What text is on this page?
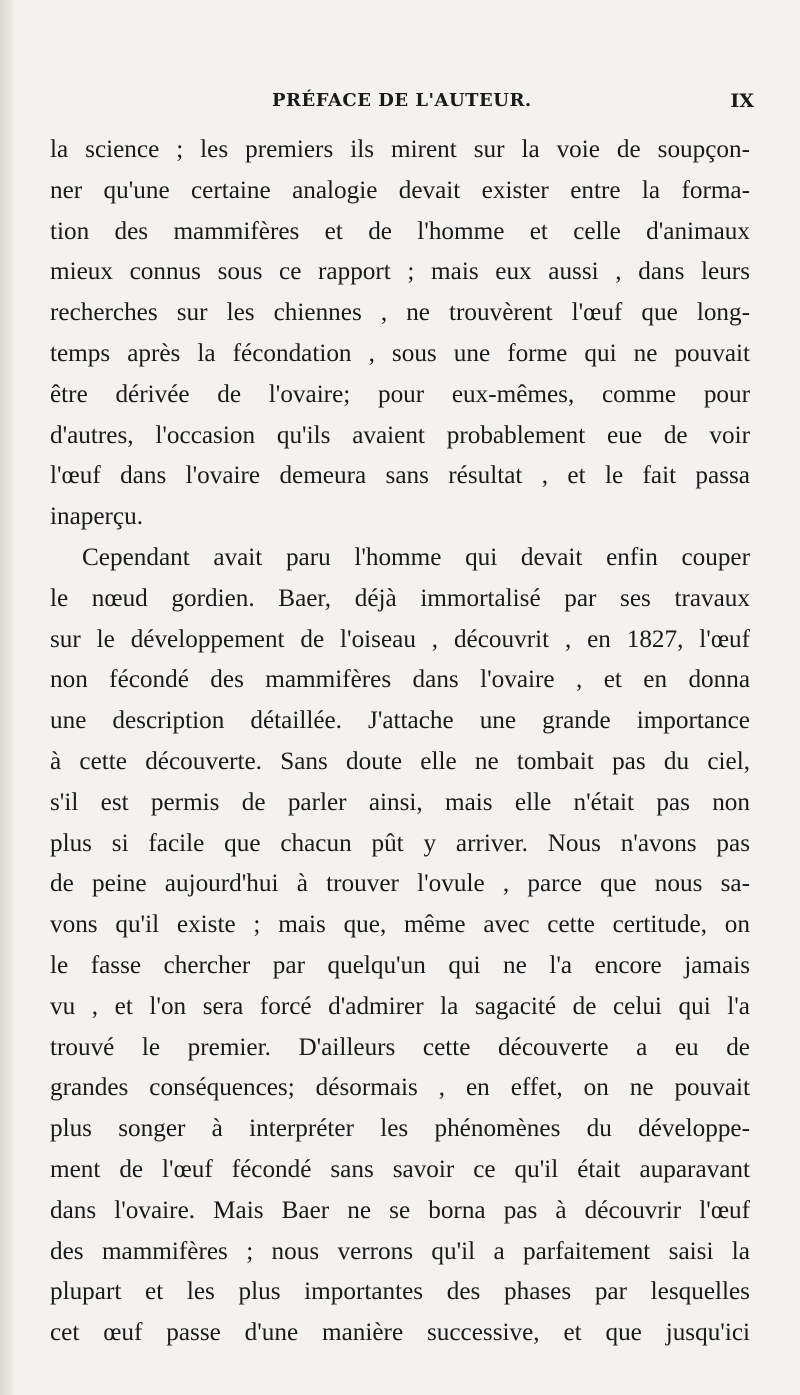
PRÉFACE DE L'AUTEUR.	IX
la science ; les premiers ils mirent sur la voie de soupçon-
ner qu'une certaine analogie devait exister entre la forma-
tion des mammifères et de l'homme et celle d'animaux
mieux connus sous ce rapport ; mais eux aussi , dans leurs
recherches sur les chiennes , ne trouvèrent l'œuf que long-
temps après la fécondation , sous une forme qui ne pouvait
être dérivée de l'ovaire; pour eux-mêmes, comme pour
d'autres, l'occasion qu'ils avaient probablement eue de voir
l'œuf dans l'ovaire demeura sans résultat , et le fait passa
inaperçu.
Cependant avait paru l'homme qui devait enfin couper
le nœud gordien. Baer, déjà immortalisé par ses travaux
sur le développement de l'oiseau , découvrit , en 1827, l'œuf
non fécondé des mammifères dans l'ovaire , et en donna
une description détaillée. J'attache une grande importance
à cette découverte. Sans doute elle ne tombait pas du ciel,
s'il est permis de parler ainsi, mais elle n'était pas non
plus si facile que chacun pût y arriver. Nous n'avons pas
de peine aujourd'hui à trouver l'ovule , parce que nous sa-
vons qu'il existe ; mais que, même avec cette certitude, on
le fasse chercher par quelqu'un qui ne l'a encore jamais
vu , et l'on sera forcé d'admirer la sagacité de celui qui l'a
trouvé le premier. D'ailleurs cette découverte a eu de
grandes conséquences; désormais , en effet, on ne pouvait
plus songer à interpréter les phénomènes du développe-
ment de l'œuf fécondé sans savoir ce qu'il était auparavant
dans l'ovaire. Mais Baer ne se borna pas à découvrir l'œuf
des mammifères ; nous verrons qu'il a parfaitement saisi la
plupart et les plus importantes des phases par lesquelles
cet œuf passe d'une manière successive, et que jusqu'ici
